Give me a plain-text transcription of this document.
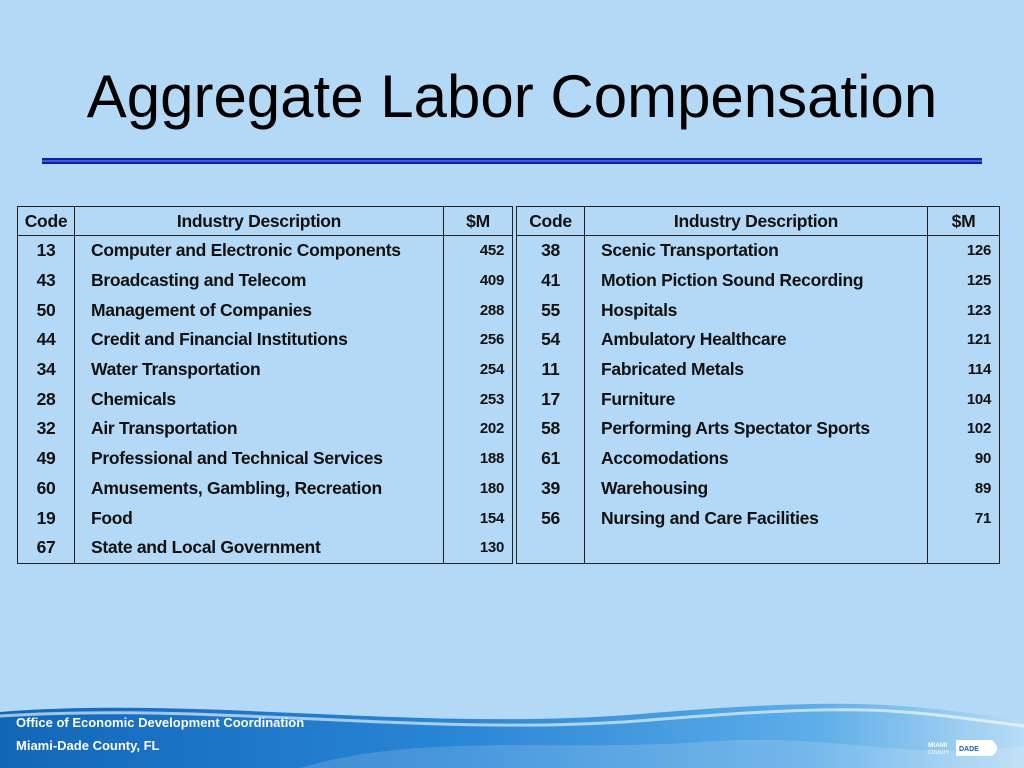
Aggregate Labor Compensation
Code	Industry Description	$M
13	Computer and Electronic Components	452
43	Broadcasting and Telecom	409
50	Management of Companies	288
44	Credit and Financial Institutions	256
34	Water Transportation	254
28	Chemicals	253
32	Air Transportation	202
49	Professional and Technical Services	188
60	Amusements, Gambling, Recreation	180
19	Food	154
67	State and Local Government	130
Code	Industry Description	$M
38	Scenic Transportation	126
41	Motion Piction Sound Recording	125
55	Hospitals	123
54	Ambulatory Healthcare	121
11	Fabricated Metals	114
17	Furniture	104
58	Performing Arts Spectator Sports	102
61	Accomodations	90
39	Warehousing	89
56	Nursing and Care Facilities	71

Office of Economic Development Coordination
Miami-Dade County, FL	MIAMI
COUNTY DADE
